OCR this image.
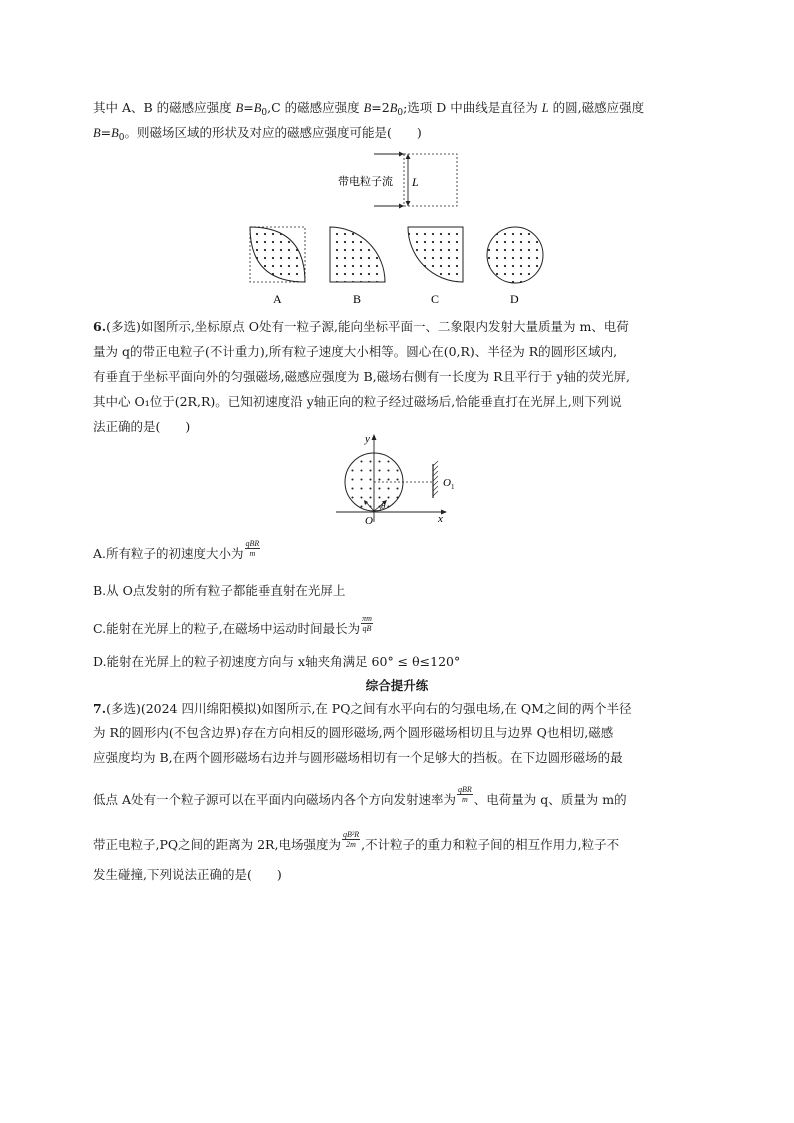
其中 A、B 的磁感应强度 $B=B_0,C$ 的磁感应强度 $B=2B_0$;选项 D 中曲线是直径为 L 的圆,磁感应强度
$B=B_0$。则磁场区域的形状及对应的磁感应强度可能是(　　)
带电粒子流 L
A	B	C	D
6.(多选)如图所示,坐标原点 O处有一粒子源,能向坐标平面一、二象限内发射大量质量为 m、电荷
量为 q的带正电粒子(不计重力),所有粒子速度大小相等。圆心在(0,R)、半径为 R的圆形区域内,
有垂直于坐标平面向外的匀强磁场,磁感应强度为 B,磁场右侧有一长度为 R且平行于 y轴的荧光屏,
其中心 O₁位于(2R,R)。已知初速度沿 y轴正向的粒子经过磁场后,恰能垂直打在光屏上,则下列说
法正确的是(　　)
y
x
$O_1$
θ
O
A.所有粒子的初速度大小为 $\frac{\text{qBR}}{m}$
B.从 O点发射的所有粒子都能垂直射在光屏上
C.能射在光屏上的粒子,在磁场中运动时间最长为 $\frac{\pi m}{qB}$
D.能射在光屏上的粒子初速度方向与 x轴夹角满足 60° ≤ θ≤120°
综合提升练
7.(多选)(2024 四川绵阳模拟)如图所示,在 PQ之间有水平向右的匀强电场,在 QM之间的两个半径
为 R的圆形内(不包含边界)存在方向相反的圆形磁场,两个圆形磁场相切且与边界 Q也相切,磁感
应强度均为 B,在两个圆形磁场右边并与圆形磁场相切有一个足够大的挡板。在下边圆形磁场的最
低点 A处有一个粒子源可以在平面内向磁场内各个方向发射速率为 $\frac{\text{qBR}}{m}$ 、电荷量为 q、质量为 m的
带正电粒子,PQ之间的距离为 2R,电场强度为 $\frac{\text{qB²R}}{2m}$ ,不计粒子的重力和粒子间的相互作用力,粒子不
发生碰撞,下列说法正确的是(　　)
